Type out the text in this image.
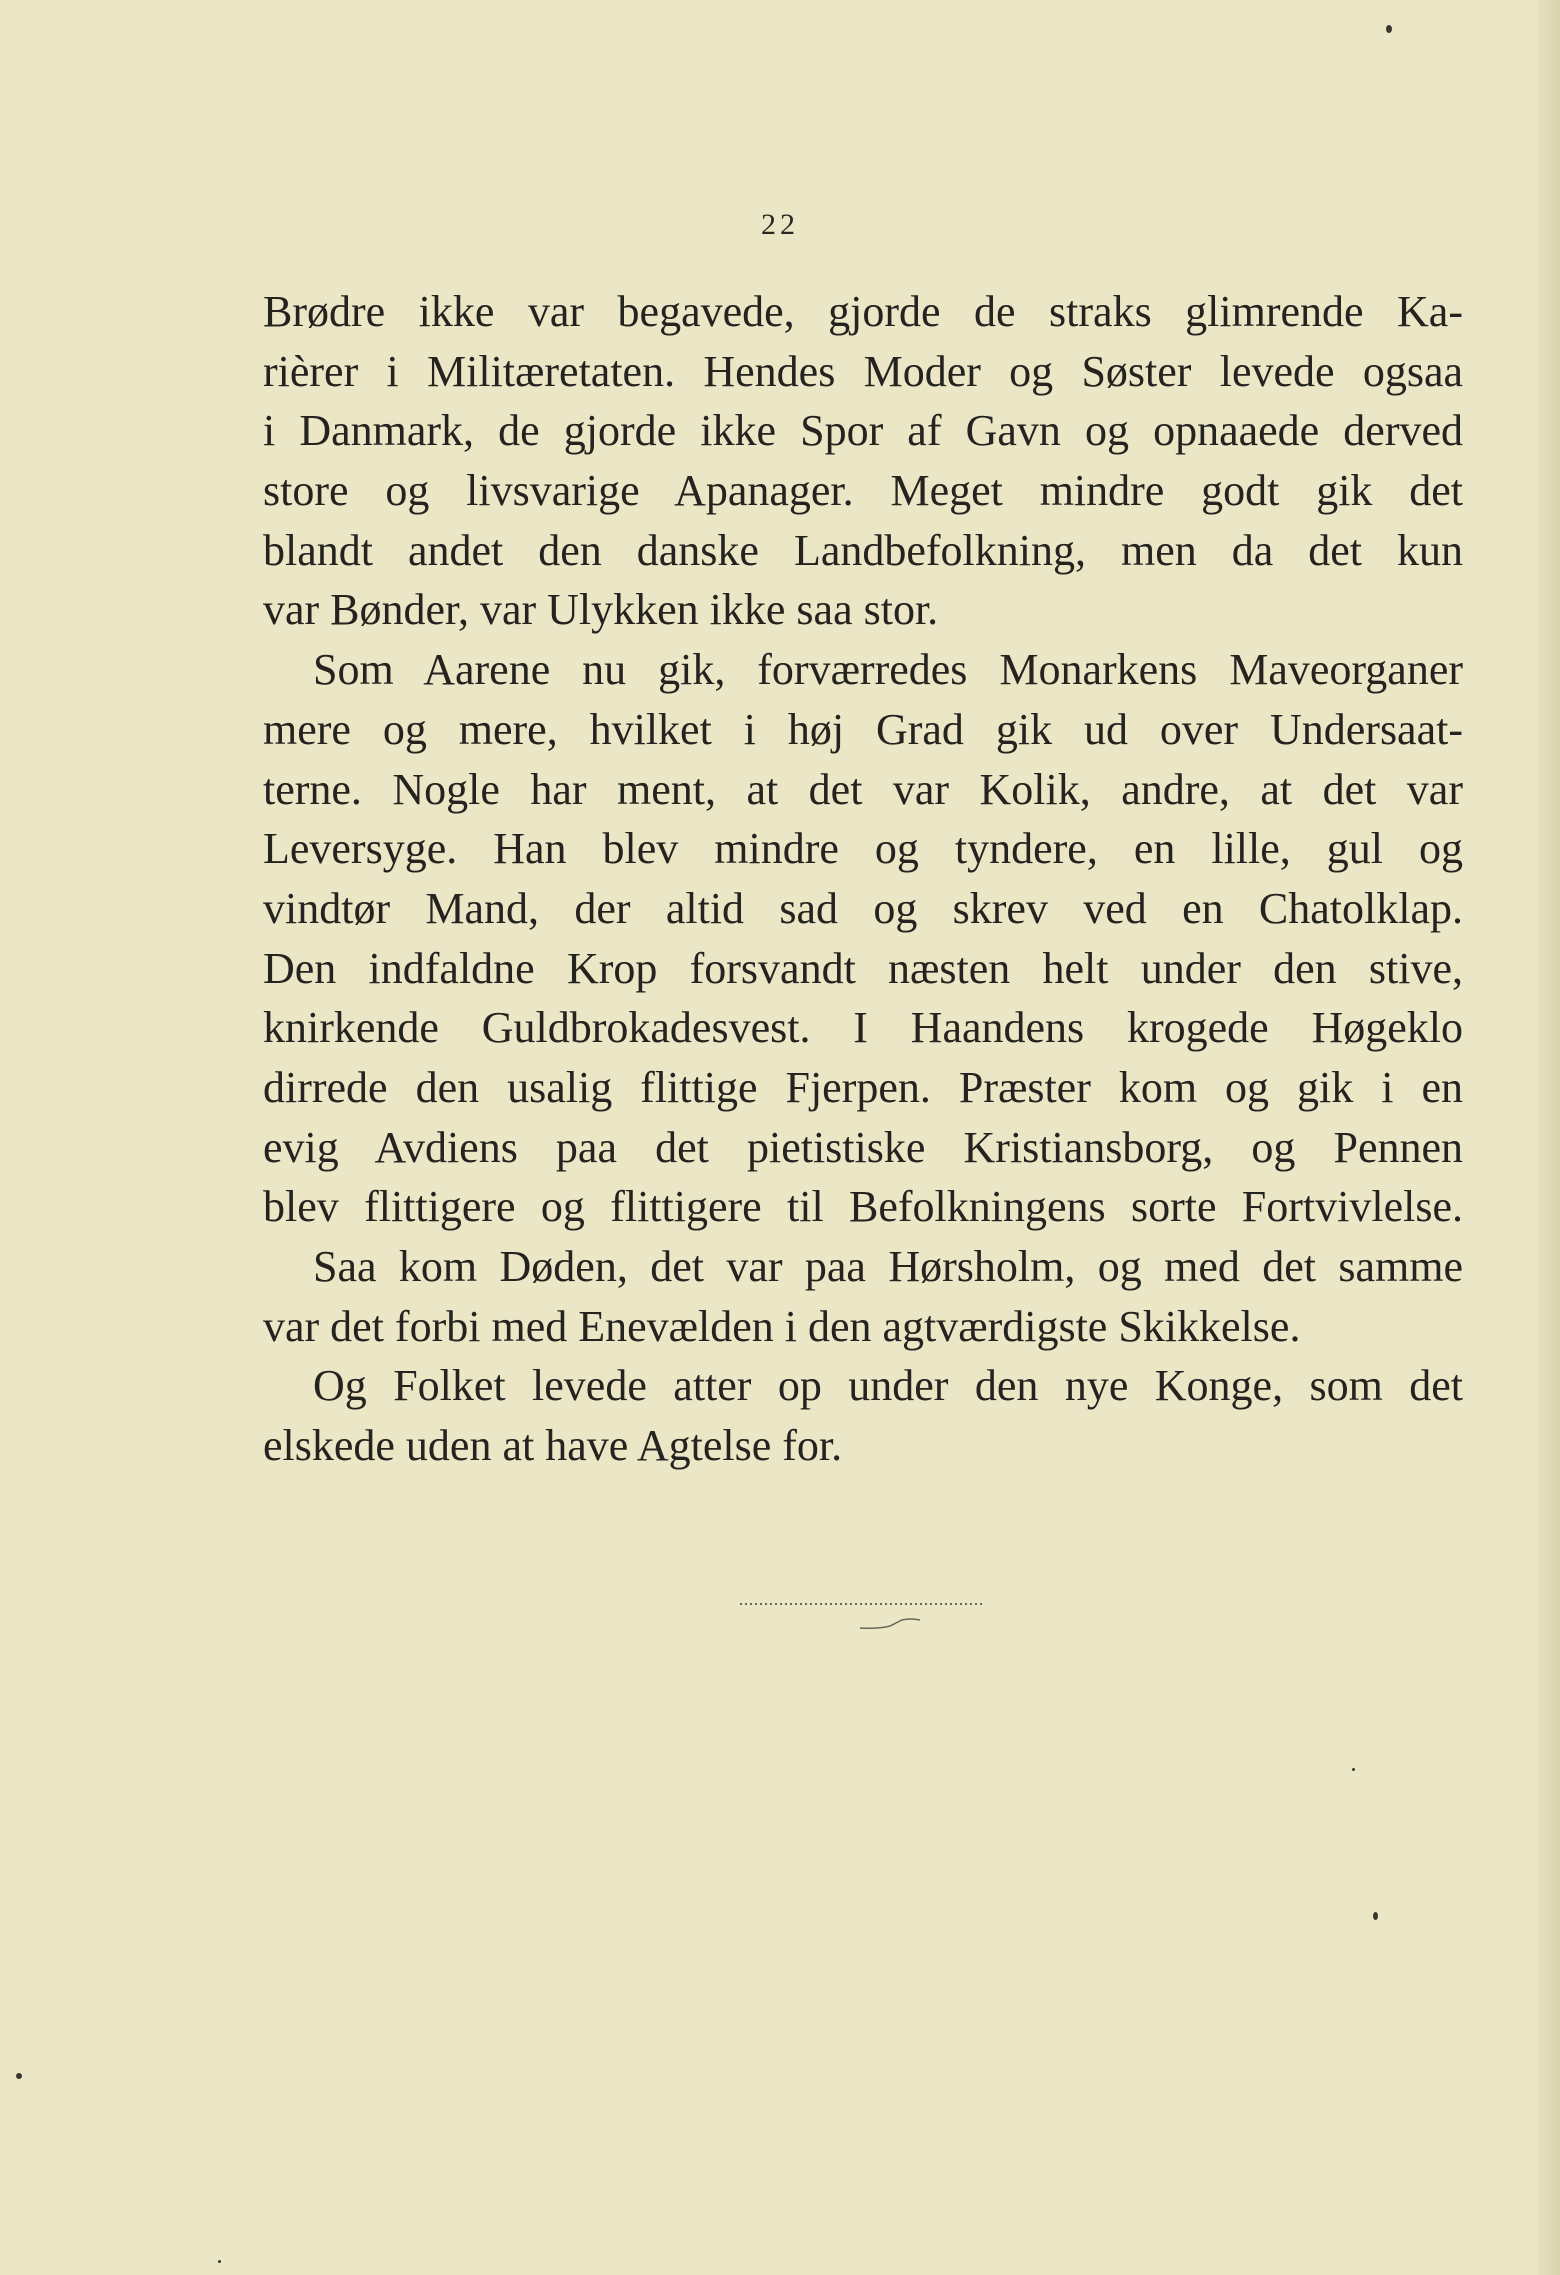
22
Brødre ikke var begavede, gjorde de straks glimrende Ka-
rièrer i Militæretaten. Hendes Moder og Søster levede ogsaa
i Danmark, de gjorde ikke Spor af Gavn og opnaaede derved
store og livsvarige Apanager. Meget mindre godt gik det
blandt andet den danske Landbefolkning, men da det kun
var Bønder, var Ulykken ikke saa stor.
Som Aarene nu gik, forværredes Monarkens Maveorganer
mere og mere, hvilket i høj Grad gik ud over Undersaat-
terne. Nogle har ment, at det var Kolik, andre, at det var
Leversyge. Han blev mindre og tyndere, en lille, gul og
vindtør Mand, der altid sad og skrev ved en Chatolklap.
Den indfaldne Krop forsvandt næsten helt under den stive,
knirkende Guldbrokadesvest. I Haandens krogede Høgeklo
dirrede den usalig flittige Fjerpen. Præster kom og gik i en
evig Avdiens paa det pietistiske Kristiansborg, og Pennen
blev flittigere og flittigere til Befolkningens sorte Fortvivlelse.
Saa kom Døden, det var paa Hørsholm, og med det samme
var det forbi med Enevælden i den agtværdigste Skikkelse.
Og Folket levede atter op under den nye Konge, som det
elskede uden at have Agtelse for.
